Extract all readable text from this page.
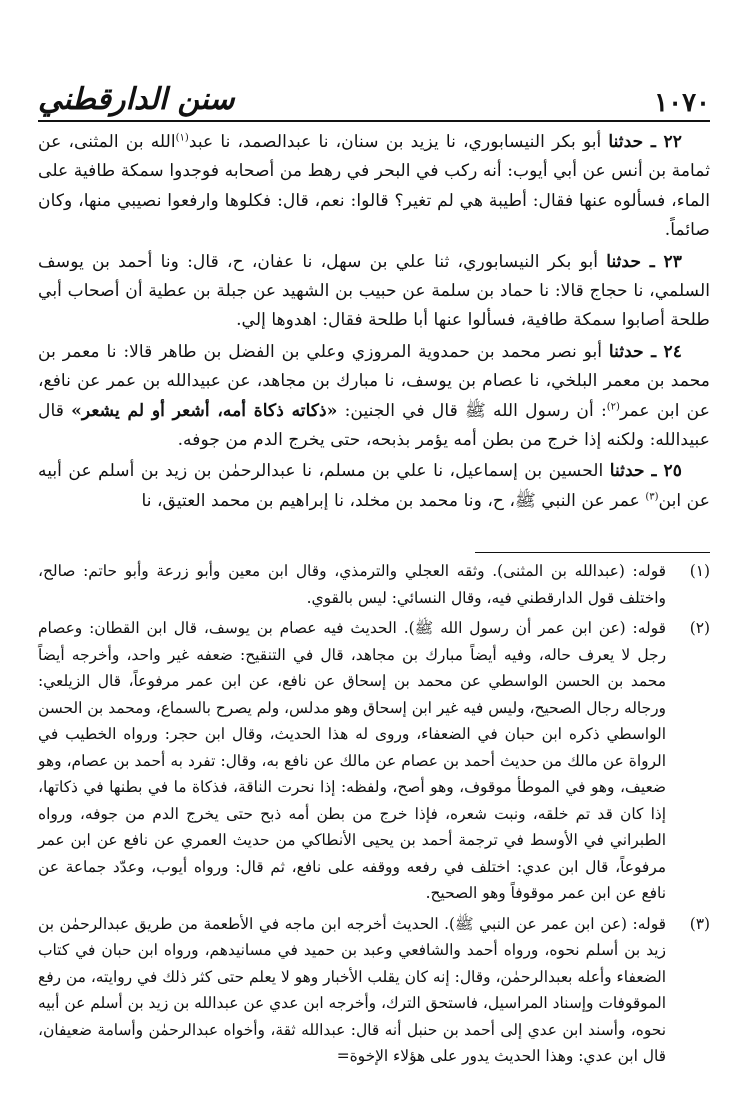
١٠٧٠
سنن الدارقطني

٢٢ ـ حدثنا أبو بكر النيسابوري، نا يزيد بن سنان، نا عبدالصمد، نا عبد$^{(١)}$الله بن المثنى، عن ثمامة بن أنس عن أبي أيوب: أنه ركب في البحر في رهط من أصحابه فوجدوا سمكة طافية على الماء، فسألوه عنها فقال: أطيبة هي لم تغير؟ قالوا: نعم، قال: فكلوها وارفعوا نصيبي منها، وكان صائماً.

٢٣ ـ حدثنا أبو بكر النيسابوري، ثنا علي بن سهل، نا عفان، ح، قال: ونا أحمد بن يوسف السلمي، نا حجاج قالا: نا حماد بن سلمة عن حبيب بن الشهيد عن جبلة بن عطية أن أصحاب أبي طلحة أصابوا سمكة طافية، فسألوا عنها أبا طلحة فقال: اهدوها إلي.

٢٤ ـ حدثنا أبو نصر محمد بن حمدوية المروزي وعلي بن الفضل بن طاهر قالا: نا معمر بن محمد بن معمر البلخي، نا عصام بن يوسف، نا مبارك بن مجاهد، عن عبيدالله بن عمر عن نافع، عن ابن عمر$^{(٢)}$: أن رسول الله ﷺ قال في الجنين: «ذكاته ذكاة أمه، أشعر أو لم يشعر» قال عبيدالله: ولكنه إذا خرج من بطن أمه يؤمر بذبحه، حتى يخرج الدم من جوفه.

٢٥ ـ حدثنا الحسين بن إسماعيل، نا علي بن مسلم، نا عبدالرحمٰن بن زيد بن أسلم عن أبيه عن ابن$^{(٣)}$ عمر عن النبي ﷺ، ح، ونا محمد بن مخلد، نا إبراهيم بن محمد العتيق، نا

(١)
قوله: (عبدالله بن المثنى). وثقه العجلي والترمذي، وقال ابن معين وأبو زرعة وأبو حاتم: صالح، واختلف قول الدارقطني فيه، وقال النسائي: ليس بالقوي.
(٢)
قوله: (عن ابن عمر أن رسول الله ﷺ). الحديث فيه عصام بن يوسف، قال ابن القطان: وعصام رجل لا يعرف حاله، وفيه أيضاً مبارك بن مجاهد، قال في التنقيح: ضعفه غير واحد، وأخرجه أيضاً محمد بن الحسن الواسطي عن محمد بن إسحاق عن نافع، عن ابن عمر مرفوعاً، قال الزيلعي: ورجاله رجال الصحيح، وليس فيه غير ابن إسحاق وهو مدلس، ولم يصرح بالسماع، ومحمد بن الحسن الواسطي ذكره ابن حبان في الضعفاء، وروى له هذا الحديث، وقال ابن حجر: ورواه الخطيب في الرواة عن مالك من حديث أحمد بن عصام عن مالك عن نافع به، وقال: تفرد به أحمد بن عصام، وهو ضعيف، وهو في الموطأ موقوف، وهو أصح، ولفظه: إذا نحرت الناقة، فذكاة ما في بطنها في ذكاتها، إذا كان قد تم خلقه، ونبت شعره، فإذا خرج من بطن أمه ذبح حتى يخرج الدم من جوفه، ورواه الطبراني في الأوسط في ترجمة أحمد بن يحيى الأنطاكي من حديث العمري عن نافع عن ابن عمر مرفوعاً، قال ابن عدي: اختلف في رفعه ووقفه على نافع، ثم قال: ورواه أيوب، وعدّد جماعة عن نافع عن ابن عمر موقوفاً وهو الصحيح.
(٣)
قوله: (عن ابن عمر عن النبي ﷺ). الحديث أخرجه ابن ماجه في الأطعمة من طريق عبدالرحمٰن بن زيد بن أسلم نحوه، ورواه أحمد والشافعي وعبد بن حميد في مسانيدهم، ورواه ابن حبان في كتاب الضعفاء وأعله بعبدالرحمٰن، وقال: إنه كان يقلب الأخبار وهو لا يعلم حتى كثر ذلك في روايته، من رفع الموقوفات وإسناد المراسيل، فاستحق الترك، وأخرجه ابن عدي عن عبدالله بن زيد بن أسلم عن أبيه نحوه، وأسند ابن عدي إلى أحمد بن حنبل أنه قال: عبدالله ثقة، وأخواه عبدالرحمٰن وأسامة ضعيفان، قال ابن عدي: وهذا الحديث يدور على هؤلاء الإخوة=
